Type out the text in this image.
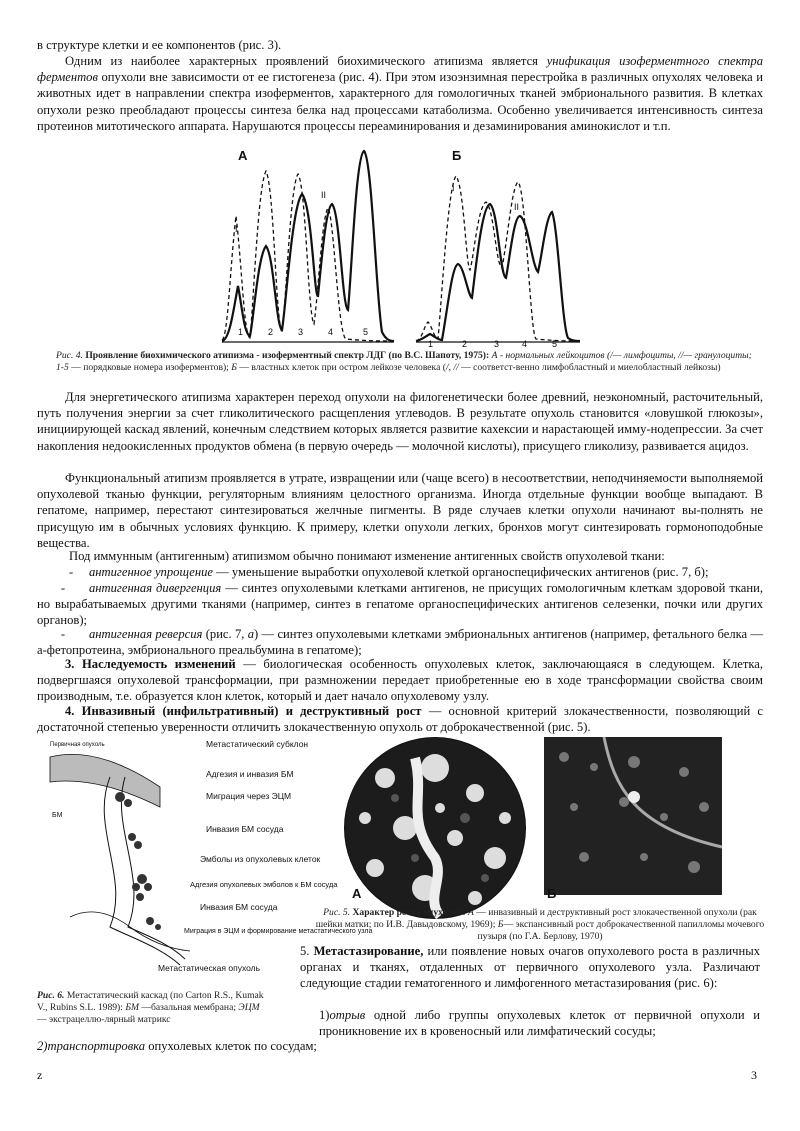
в структуре клетки и ее компонентов (рис. 3).

Одним из наиболее характерных проявлений биохимического атипизма является унификация изоферментного спектра ферментов опухоли вне зависимости от ее гистогенеза (рис. 4). При этом изоэнзимная перестройка в различных опухолях человека и животных идет в направлении спектра изоферментов, характерного для гомологичных тканей эмбрионального развития. В клетках опухоли резко преобладают процессы синтеза белка над процессами катаболизма. Особенно увеличивается интенсивность синтеза протеинов митотического аппарата. Нарушаются процессы переаминирования и дезаминирования аминокислот и т.п.

А
I
II
1	2	3	4	5
Б
I
II
1	2	3	4	5

Рис. 4. Проявление биохимического атипизма - изоферментный спектр ЛДГ (по В.С. Шапоту, 1975): А - нормальных лейкоцитов (/— лимфоциты, //— гранулоциты; 1-5 — порядковые номера изоферментов); Б — властных клеток при остром лейкозе человека (/, // — соответст-венно лимфобластный и миелобластный лейкозы)

Для энергетического атипизма характерен переход опухоли на филогенетически более древний, неэкономный, расточительный, путь получения энергии за счет гликолитического расщепления углеводов. В результате опухоль становится «ловушкой глюкозы», инициирующей каскад явлений, конечным следствием которых является развитие кахексии и нарастающей имму-нодепрессии. За счет накопления недоокисленных продуктов обмена (в первую очередь — молочной кислоты), присущего гликолизу, развивается ацидоз.

Функциональный атипизм проявляется в утрате, извращении или (чаще всего) в несоответствии, неподчиняемости выполняемой опухолевой тканью функции, регуляторным влияниям целостного организма. Иногда отдельные функции вообще выпадают. В гепатоме, например, перестают синтезироваться желчные пигменты. В ряде случаев клетки опухоли начинают вы-полнять не присущую им в обычных условиях функцию. К примеру, клетки опухоли легких, бронхов могут синтезировать гормоноподобные вещества.

Под иммунным (антигенным) атипизмом обычно понимают изменение антигенных свойств опухолевой ткани:

- антигенное упрощение — уменьшение выработки опухолевой клеткой органоспецифических антигенов (рис. 7, б);

- антигенная дивергенция — синтез опухолевыми клетками антигенов, не присущих гомологичным клеткам здоровой ткани, но вырабатываемых другими тканями (например, синтез в гепатоме органоспецифических антигенов селезенки, почки или других органов);

- антигенная реверсия (рис. 7, а) — синтез опухолевыми клетками эмбриональных антигенов (например, фетального белка — а-фетопротеина, эмбрионального преальбумина в гепатоме);

3. Наследуемость изменений — биологическая особенность опухолевых клеток, заключающаяся в следующем. Клетка, подвергшаяся опухолевой трансформации, при размножении передает приобретенные ею в ходе трансформации свойства своим производным, т.е. образуется клон клеток, который и дает начало опухолевому узлу.

4. Инвазивный (инфильтративный) и деструктивный рост — основной критерий злокачественности, позволяющий с достаточной степенью уверенности отличить злокачественную опухоль от доброкачественной (рис. 5).

Первичная опухоль
БМ
Метастатический субклон
Адгезия и инвазия БМ
Миграция через ЭЦМ
Инвазия БМ сосуда
Эмболы из опухолевых клеток
Адгезия опухолевых эмболов к БМ сосуда
Инвазия БМ сосуда
Миграция в ЭЦМ и формирование метастатического узла
Метастатическая опухоль
А	Б

Рис. 5. Характер роста опухолей: А — инвазивный и деструктивный рост злокачественной опухоли (рак шейки матки; по И.В. Давыдовскому, 1969); Б— экспансивный рост доброкачественной папилломы мочевого пузыря (по Г.А. Берлову, 1970)

5. Метастазирование, или появление новых очагов опухолевого роста в различных органах и тканях, отдаленных от первичного опухолевого узла. Различают следующие стадии гематогенного и лимфогенного метастазирования (рис. 6):

Рис. 6. Метастатический каскад (по Carton R.S., Kumak V., Rubins S.L. 1989): БМ —базальная мембрана; ЭЦМ — экстрацеллю-лярный матрикс	1)отрыв одной либо группы опухолевых клеток от первичной опухоли и проникновение их в кровеносный или лимфатический сосуды;

2)транспортировка опухолевых клеток по сосудам;

z	3
